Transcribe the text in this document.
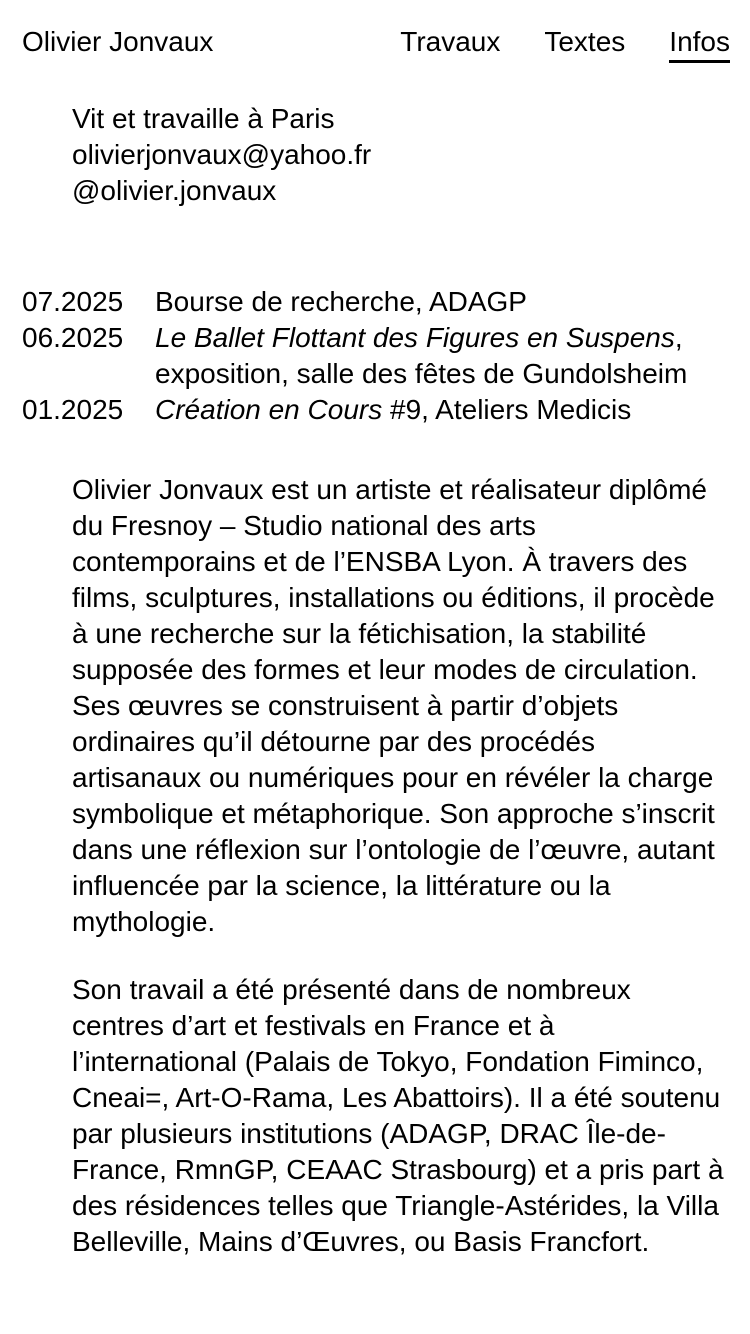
Olivier Jonvaux	Travaux Textes Infos
Vit et travaille à Paris
olivierjonvaux@yahoo.fr
@olivier.jonvaux
07.2025	Bourse de recherche, ADAGP
06.2025	Le Ballet Flottant des Figures en Suspens, exposition, salle des fêtes de Gundolsheim
01.2025	Création en Cours #9, Ateliers Medicis
Olivier Jonvaux est un artiste et réalisateur diplômé
du Fresnoy – Studio national des arts
contemporains et de l’ENSBA Lyon. À travers des
films, sculptures, installations ou éditions, il procède
à une recherche sur la fétichisation, la stabilité
supposée des formes et leur modes de circulation.
Ses œuvres se construisent à partir d’objets
ordinaires qu’il détourne par des procédés
artisanaux ou numériques pour en révéler la charge
symbolique et métaphorique. Son approche s’inscrit
dans une réflexion sur l’ontologie de l’œuvre, autant
influencée par la science, la littérature ou la
mythologie.
Son travail a été présenté dans de nombreux
centres d’art et festivals en France et à
l’international (Palais de Tokyo, Fondation Fiminco,
Cneai=, Art-O-Rama, Les Abattoirs). Il a été soutenu
par plusieurs institutions (ADAGP, DRAC Île-de-
France, RmnGP, CEAAC Strasbourg) et a pris part à
des résidences telles que Triangle-Astérides, la Villa
Belleville, Mains d’Œuvres, ou Basis Francfort.
